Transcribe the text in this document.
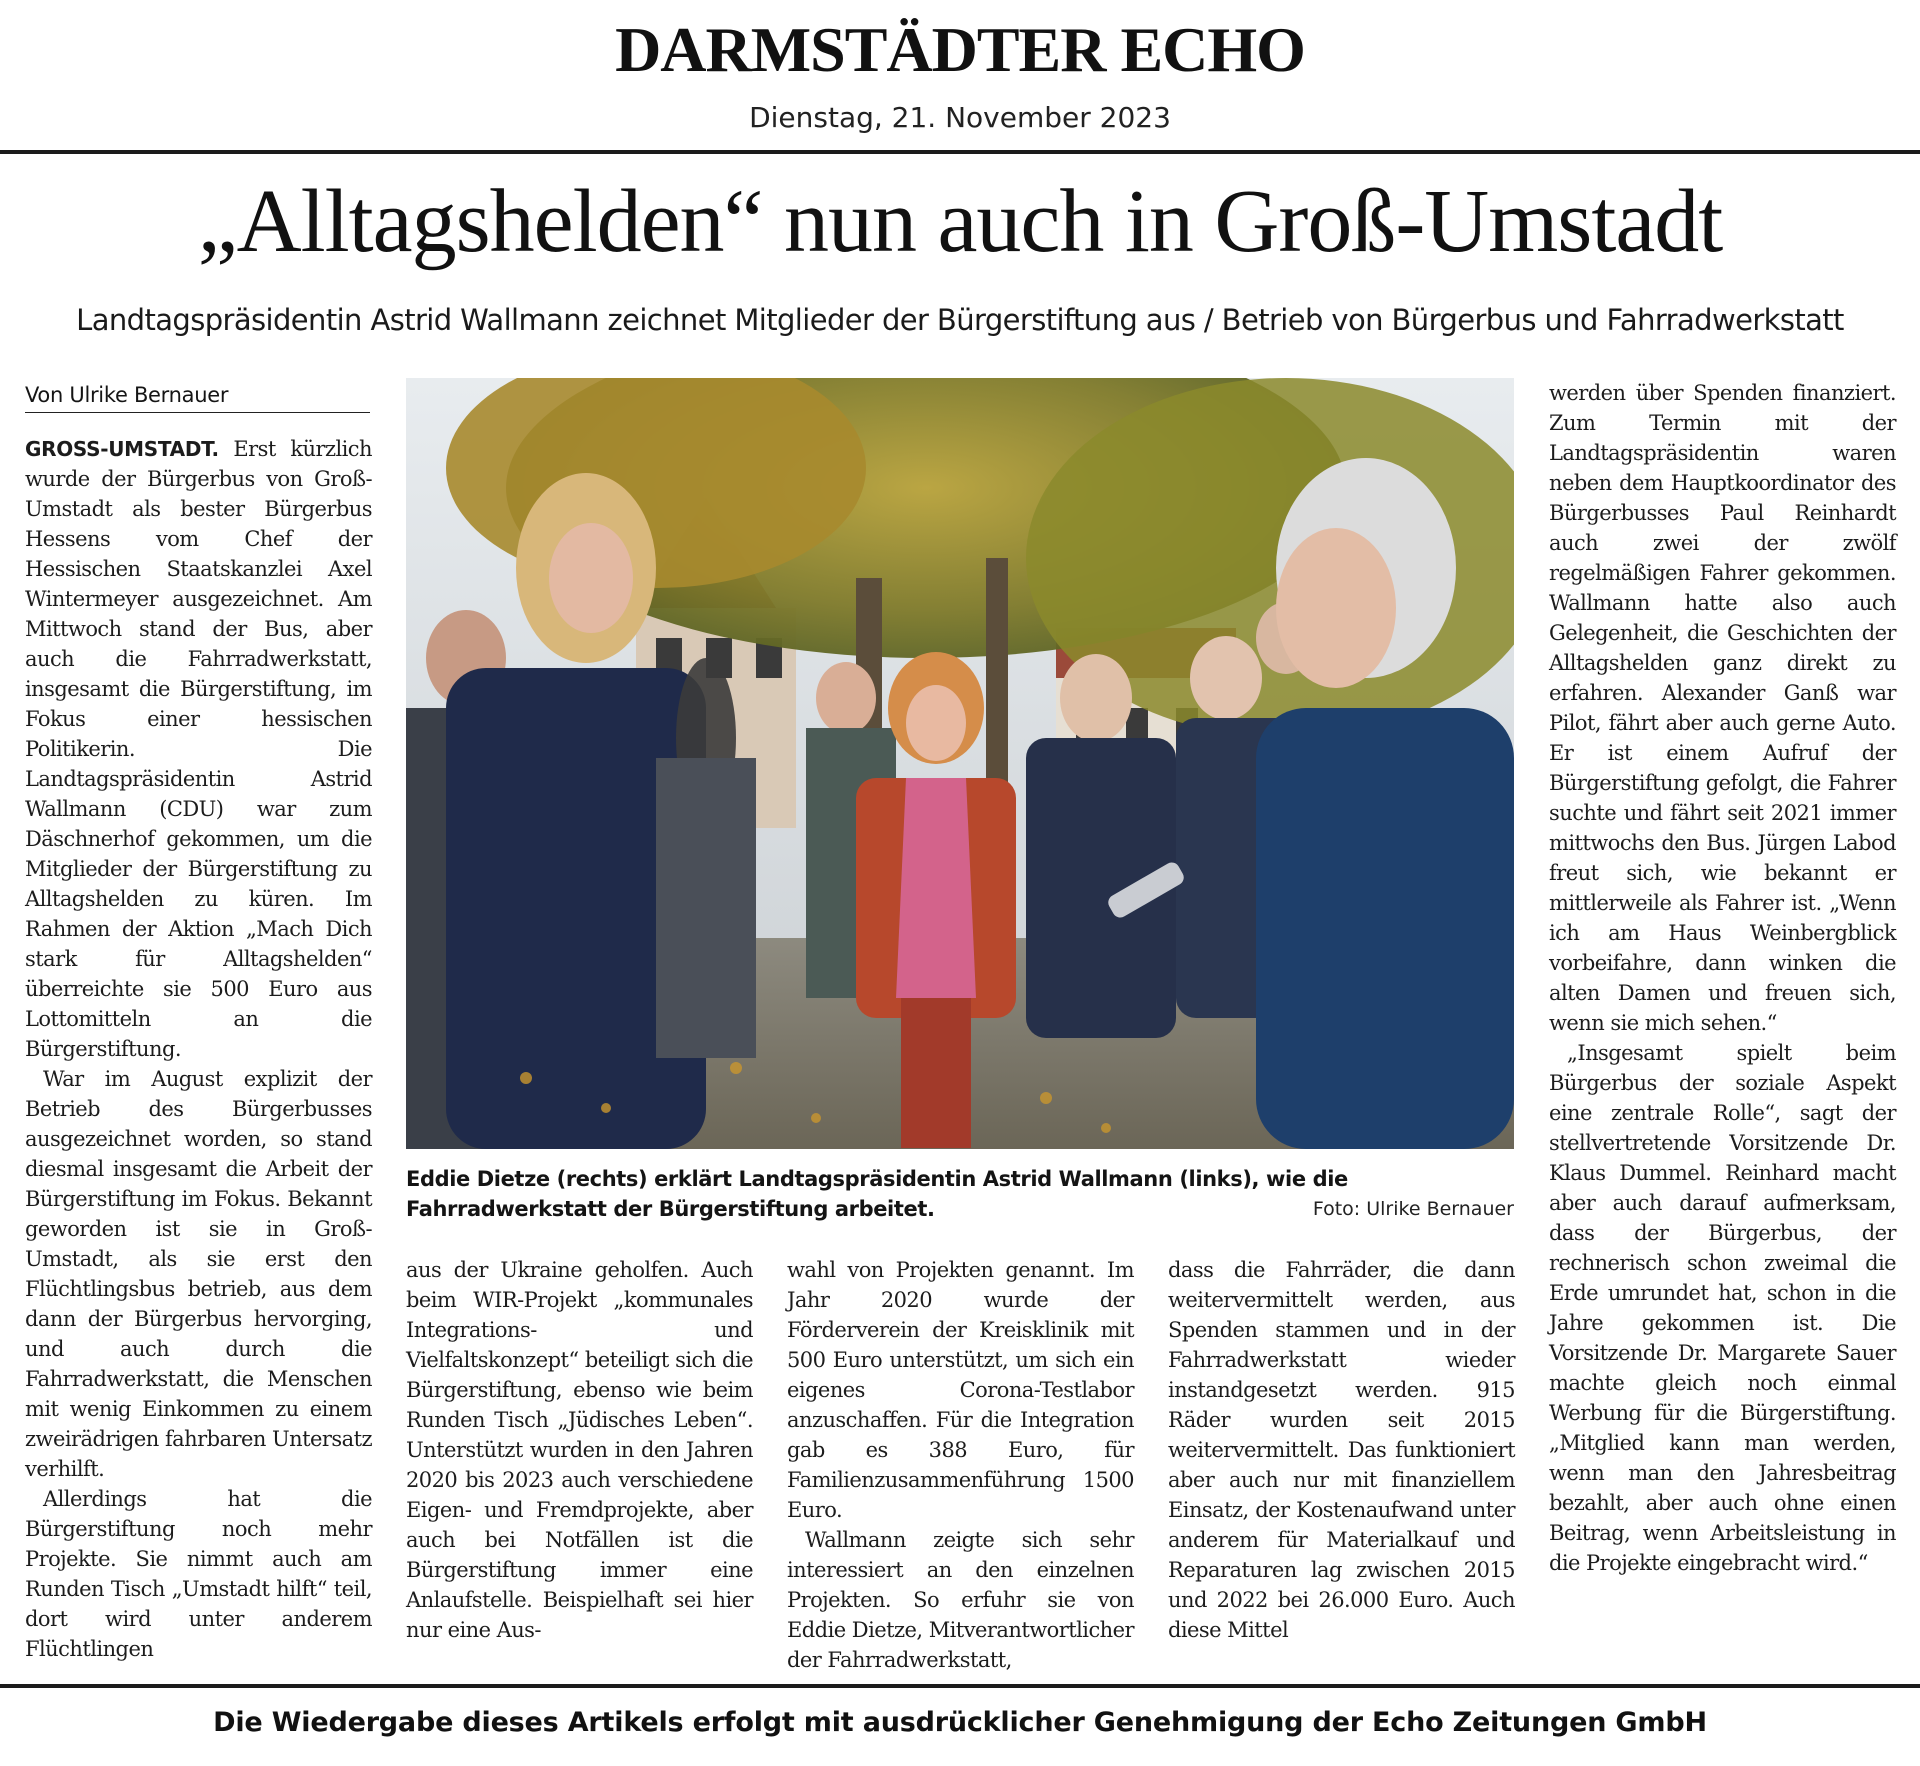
DARMSTÄDTER ECHO
Dienstag, 21. November 2023
„Alltagshelden“ nun auch in Groß-Umstadt
Landtagspräsidentin Astrid Wallmann zeichnet Mitglieder der Bürgerstiftung aus / Betrieb von Bürgerbus und Fahrradwerkstatt
Von Ulrike Bernauer

GROSS-UMSTADT. Erst kürzlich wurde der Bürgerbus von Groß-Umstadt als bester Bürgerbus Hessens vom Chef der Hessischen Staatskanzlei Axel Wintermeyer ausgezeichnet. Am Mittwoch stand der Bus, aber auch die Fahrradwerkstatt, insgesamt die Bürgerstiftung, im Fokus einer hessischen Politikerin. Die Landtagspräsidentin Astrid Wallmann (CDU) war zum Däschnerhof gekommen, um die Mitglieder der Bürgerstiftung zu Alltagshelden zu küren. Im Rahmen der Aktion „Mach Dich stark für Alltagshelden“ überreichte sie 500 Euro aus Lottomitteln an die Bürgerstiftung.

War im August explizit der Betrieb des Bürgerbusses ausgezeichnet worden, so stand diesmal insgesamt die Arbeit der Bürgerstiftung im Fokus. Bekannt geworden ist sie in Groß-Umstadt, als sie erst den Flüchtlingsbus betrieb, aus dem dann der Bürgerbus hervorging, und auch durch die Fahrradwerkstatt, die Menschen mit wenig Einkommen zu einem zweirädrigen fahrbaren Untersatz verhilft.

Allerdings hat die Bürgerstiftung noch mehr Projekte. Sie nimmt auch am Runden Tisch „Umstadt hilft“ teil, dort wird unter anderem Flüchtlingen

Eddie Dietze (rechts) erklärt Landtagspräsidentin Astrid Wallmann (links), wie die Fahrradwerkstatt der Bürgerstiftung arbeitet.	Foto: Ulrike Bernauer

aus der Ukraine geholfen. Auch beim WIR-Projekt „kommunales Integrations- und Vielfaltskonzept“ beteiligt sich die Bürgerstiftung, ebenso wie beim Runden Tisch „Jüdisches Leben“. Unterstützt wurden in den Jahren 2020 bis 2023 auch verschiedene Eigen- und Fremdprojekte, aber auch bei Notfällen ist die Bürgerstiftung immer eine Anlaufstelle. Beispielhaft sei hier nur eine Aus-

wahl von Projekten genannt. Im Jahr 2020 wurde der Förderverein der Kreisklinik mit 500 Euro unterstützt, um sich ein eigenes Corona-Testlabor anzuschaffen. Für die Integration gab es 388 Euro, für Familienzusammenführung 1500 Euro.

Wallmann zeigte sich sehr interessiert an den einzelnen Projekten. So erfuhr sie von Eddie Dietze, Mitverantwortlicher der Fahrradwerkstatt,

dass die Fahrräder, die dann weitervermittelt werden, aus Spenden stammen und in der Fahrradwerkstatt wieder instandgesetzt werden. 915 Räder wurden seit 2015 weitervermittelt. Das funktioniert aber auch nur mit finanziellem Einsatz, der Kostenaufwand unter anderem für Materialkauf und Reparaturen lag zwischen 2015 und 2022 bei 26.000 Euro. Auch diese Mittel

werden über Spenden finanziert. Zum Termin mit der Landtagspräsidentin waren neben dem Hauptkoordinator des Bürgerbusses Paul Reinhardt auch zwei der zwölf regelmäßigen Fahrer gekommen. Wallmann hatte also auch Gelegenheit, die Geschichten der Alltagshelden ganz direkt zu erfahren. Alexander Ganß war Pilot, fährt aber auch gerne Auto. Er ist einem Aufruf der Bürgerstiftung gefolgt, die Fahrer suchte und fährt seit 2021 immer mittwochs den Bus. Jürgen Labod freut sich, wie bekannt er mittlerweile als Fahrer ist. „Wenn ich am Haus Weinbergblick vorbeifahre, dann winken die alten Damen und freuen sich, wenn sie mich sehen.“

„Insgesamt spielt beim Bürgerbus der soziale Aspekt eine zentrale Rolle“, sagt der stellvertretende Vorsitzende Dr. Klaus Dummel. Reinhard macht aber auch darauf aufmerksam, dass der Bürgerbus, der rechnerisch schon zweimal die Erde umrundet hat, schon in die Jahre gekommen ist. Die Vorsitzende Dr. Margarete Sauer machte gleich noch einmal Werbung für die Bürgerstiftung. „Mitglied kann man werden, wenn man den Jahresbeitrag bezahlt, aber auch ohne einen Beitrag, wenn Arbeitsleistung in die Projekte eingebracht wird.“

Die Wiedergabe dieses Artikels erfolgt mit ausdrücklicher Genehmigung der Echo Zeitungen GmbH
